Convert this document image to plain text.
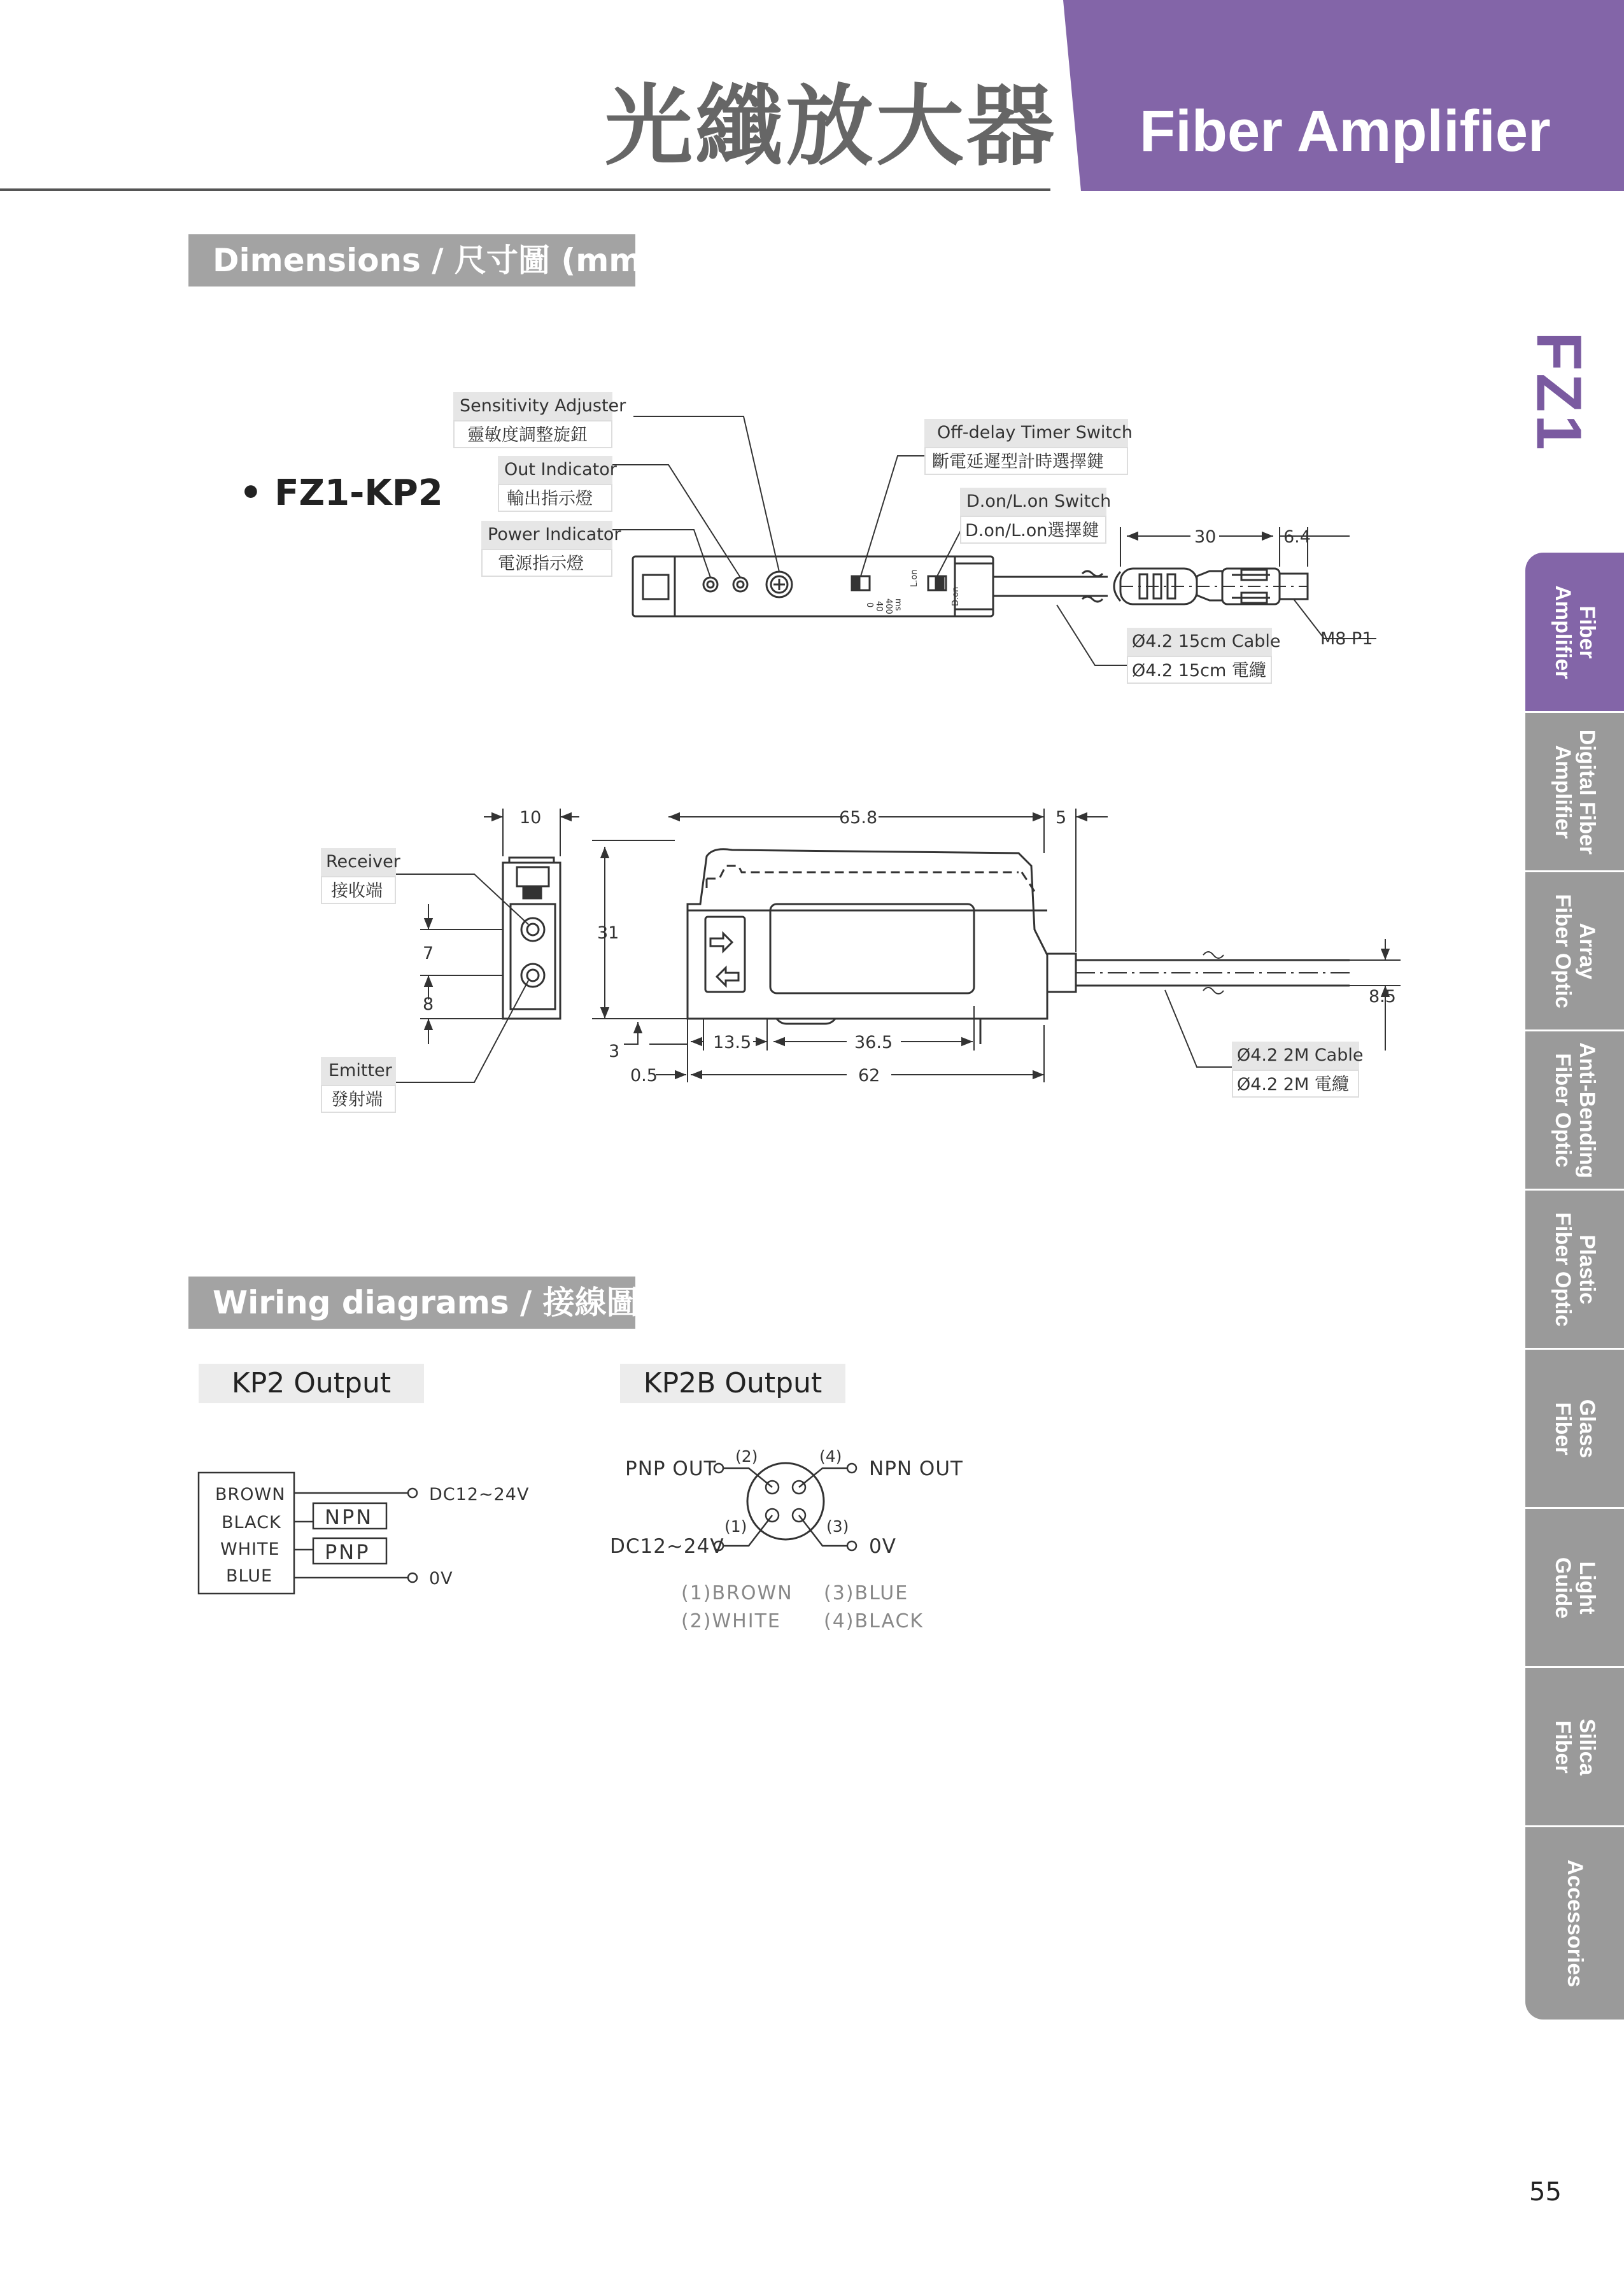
光纖放大器 Fiber Amplifier
Dimensions / 尺寸圖 (mm)
Wiring diagrams / 接線圖
• FZ1-KP2
0 40 400 ms
L.on
D.on
30	6.4
10	65.8	5
31
7
8	8.5
3	13.5	36.5
0.5	62
BROWN
BLACK
WHITE
BLUE
DC12~24V
0V
NPN
PNP
PNP OUT	NPN OUT
DC12~24V	0V
(2)	(4)
(1)	(3)
(1)BROWN
(2)WHITE
(3)BLUE
(4)BLACK
Sensitivity Adjuster
靈敏度調整旋鈕
Out Indicator
輸出指示燈
Power Indicator
電源指示燈
Off-delay Timer Switch
斷電延遲型計時選擇鍵
D.on/L.on Switch
D.on/L.on選擇鍵
Ø4.2 15cm Cable
Ø4.2 15cm 電纜
M8 P1
Receiver
接收端
Emitter
發射端
Ø4.2 2M Cable
Ø4.2 2M 電纜
KP2 Output	KP2B Output
FZ1
Fiber
Amplifier
Digital Fiber
Amplifier
Array
Fiber Optic
Anti-Bending
Fiber Optic
Plastic
Fiber Optic
Glass
Fiber
Light
Guide
Silica
Fiber
Accessories
55
